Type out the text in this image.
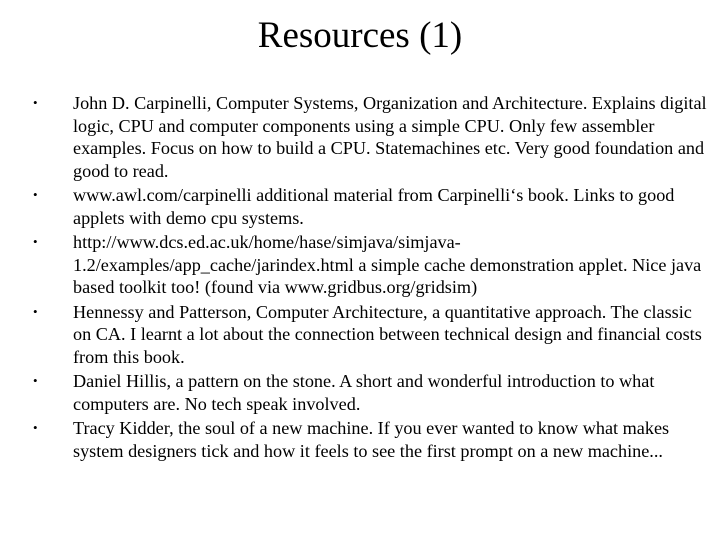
Resources (1)
• John D. Carpinelli, Computer Systems, Organization and Architecture. Explains digital logic, CPU and computer components using a simple CPU. Only few assembler examples. Focus on how to build a CPU. Statemachines etc. Very good foundation and good to read.
• www.awl.com/carpinelli additional material from Carpinelli‘s book. Links to good applets with demo cpu systems.
• http://www.dcs.ed.ac.uk/home/hase/simjava/simjava-1.2/examples/app_cache/jarindex.html a simple cache demonstration applet. Nice java based toolkit too! (found via www.gridbus.org/gridsim)
• Hennessy and Patterson, Computer Architecture, a quantitative approach. The classic on CA. I learnt a lot about the connection between technical design and financial costs from this book.
• Daniel Hillis, a pattern on the stone. A short and wonderful introduction to what computers are. No tech speak involved.
• Tracy Kidder, the soul of a new machine. If you ever wanted to know what makes system designers tick and how it feels to see the first prompt on a new machine...
